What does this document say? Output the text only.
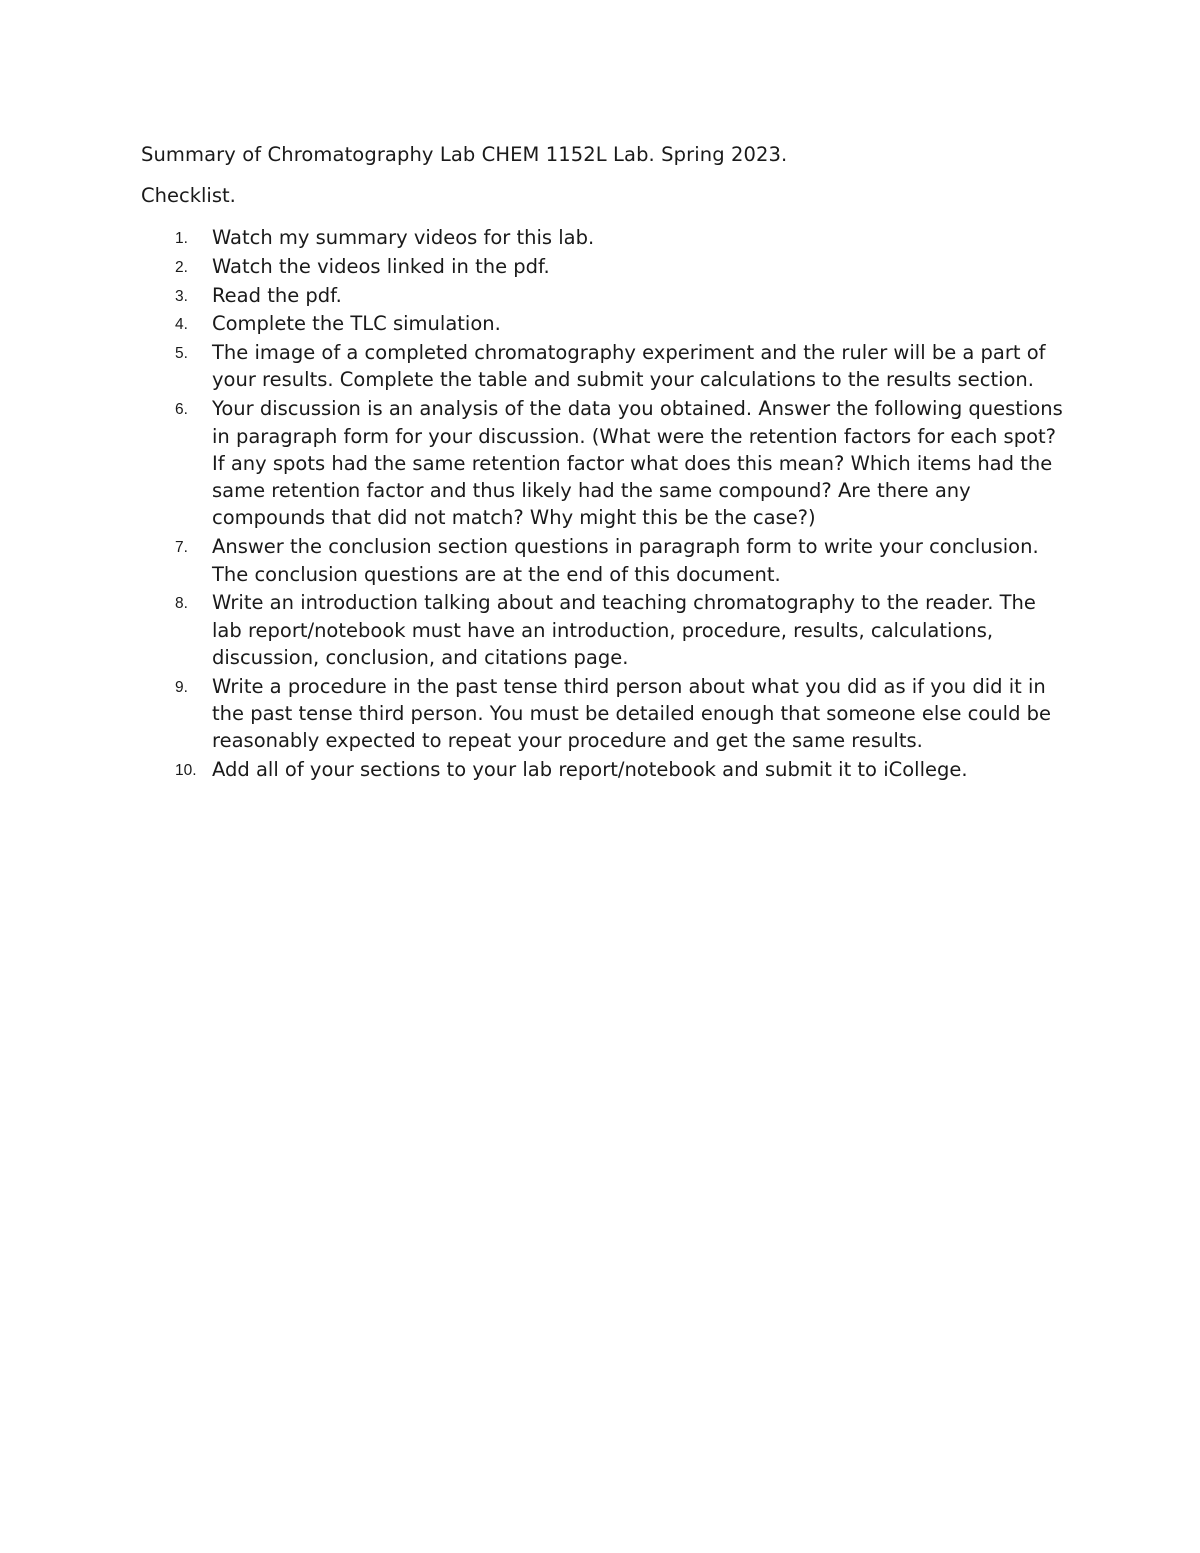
Summary of Chromatography Lab CHEM 1152L Lab. Spring 2023.

Checklist.

1. Watch my summary videos for this lab.
2. Watch the videos linked in the pdf.
3. Read the pdf.
4. Complete the TLC simulation.
5. The image of a completed chromatography experiment and the ruler will be a part of your results. Complete the table and submit your calculations to the results section.
6. Your discussion is an analysis of the data you obtained. Answer the following questions in paragraph form for your discussion. (What were the retention factors for each spot? If any spots had the same retention factor what does this mean? Which items had the same retention factor and thus likely had the same compound? Are there any compounds that did not match? Why might this be the case?)
7. Answer the conclusion section questions in paragraph form to write your conclusion. The conclusion questions are at the end of this document.
8. Write an introduction talking about and teaching chromatography to the reader. The lab report/notebook must have an introduction, procedure, results, calculations, discussion, conclusion, and citations page.
9. Write a procedure in the past tense third person about what you did as if you did it in the past tense third person. You must be detailed enough that someone else could be reasonably expected to repeat your procedure and get the same results.
10. Add all of your sections to your lab report/notebook and submit it to iCollege.
